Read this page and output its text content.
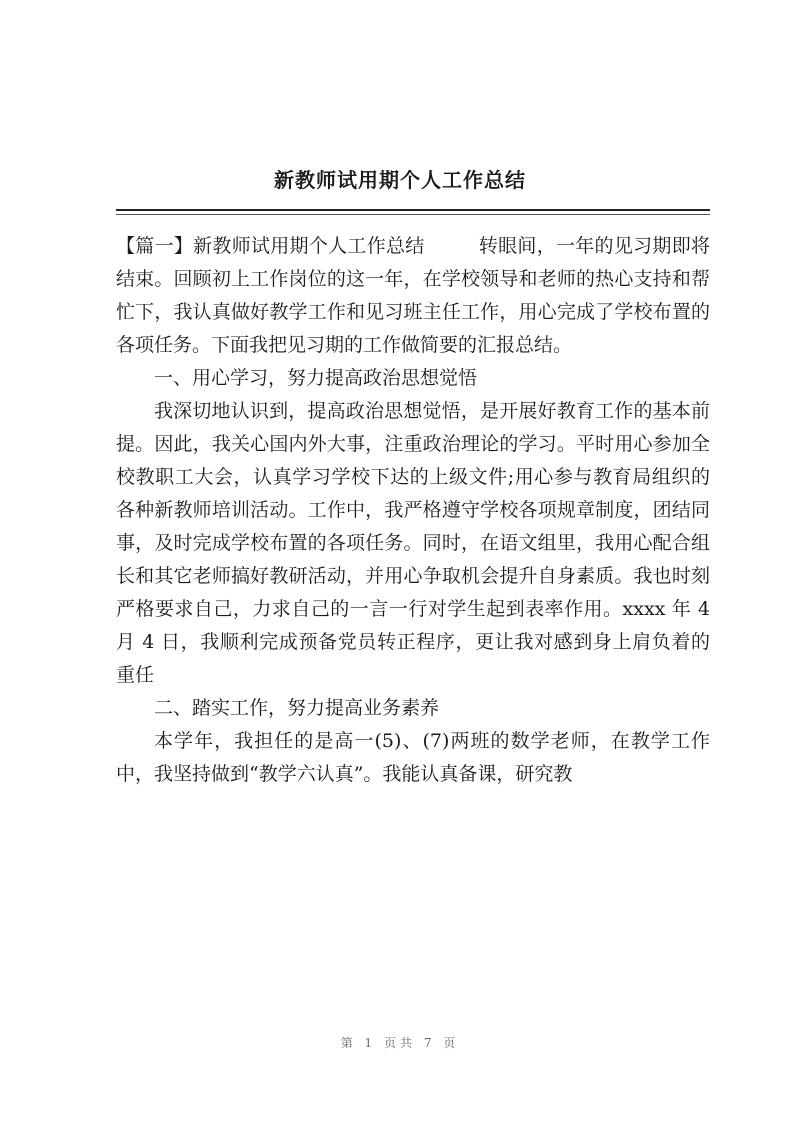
新教师试用期个人工作总结

【篇一】新教师试用期个人工作总结	转眼间，一年的见习期即将结束。回顾初上工作岗位的这一年，在学校领导和老师的热心支持和帮忙下，我认真做好教学工作和见习班主任工作，用心完成了学校布置的各项任务。下面我把见习期的工作做简要的汇报总结。

一、用心学习，努力提高政治思想觉悟

我深切地认识到，提高政治思想觉悟，是开展好教育工作的基本前提。因此，我关心国内外大事，注重政治理论的学习。平时用心参加全校教职工大会，认真学习学校下达的上级文件;用心参与教育局组织的各种新教师培训活动。工作中，我严格遵守学校各项规章制度，团结同事，及时完成学校布置的各项任务。同时，在语文组里，我用心配合组长和其它老师搞好教研活动，并用心争取机会提升自身素质。我也时刻严格要求自己，力求自己的一言一行对学生起到表率作用。xxxx 年 4 月 4 日，我顺利完成预备党员转正程序，更让我对感到身上肩负着的重任

二、踏实工作，努力提高业务素养

本学年，我担任的是高一(5)、(7)两班的数学老师，在教学工作中，我坚持做到“教学六认真”。我能认真备课，研究教

第 1 页共 7 页
